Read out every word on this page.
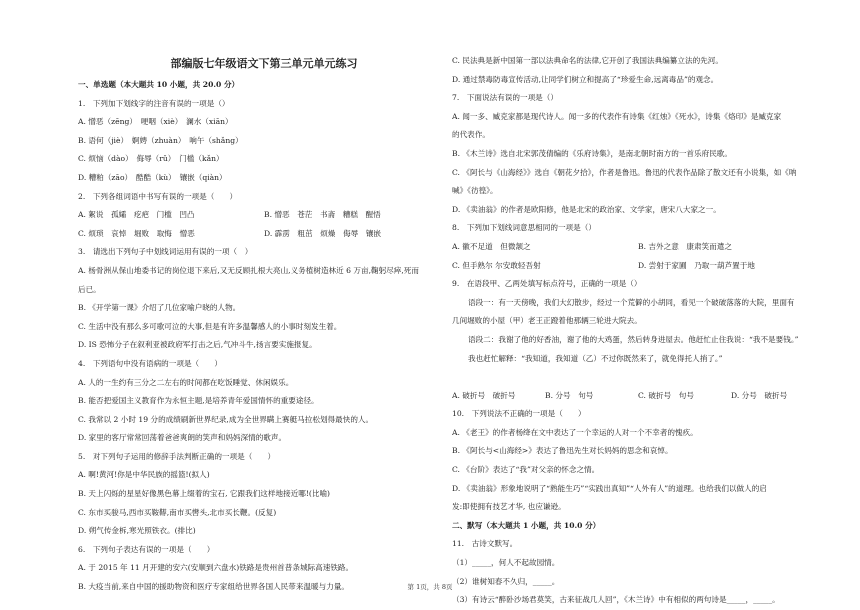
部编版七年级语文下第三单元单元练习
一、单选题（本大题共 10 小题，共 20.0 分）
1.　下列加下划线字的注音有误的一项是（）
A. 憎恶（zēng）　哽咽（xiè）　澜水（xiān）
B. 语何（jiè）　婀娉（zhuàn）　响午（shǎng）
C. 烦恼（dào）　侮辱（rǔ）　门槛（kǎn）
D. 糟粕（zāo）　酷酷（kù）　镶嵌（qiàn）
2.　下列各组词语中书写有误的一项是（　　）
A. 絮说　孤孀　疙疤　门槛　凹凸	B. 憎恶　苍茫　书斋　糟糕　醒悟
C. 烦琐　哀悼　堀败　取悔　憎恶	D. 霹雳　粗茁　烦燥　侮辱　镶嵌
3.　请选出下列句子中划线词运用有误的一项（　）
A. 杨骨洲从保山地委书记的岗位退下来后,又无反顾扎根大亮山,义务植树造林近 6 万亩,鞠躬尽瘁,死而
后已。
B. 《开学第一课》介绍了几位家喻户晓的人物。
C. 生活中没有那么多可歌可泣的大事,但是有许多温馨感人的小事时刻发生着。
D. IS 恐怖分子在叙利亚被政府军打击之后,气冲斗牛,扬言要实施报复。
4.　下列语句中没有语病的一项是（　　）
A. 人的一生约有三分之二左右的时间都在吃饭睡觉、休闲娱乐。
B. 能否把爱国主义教育作为永恒主题,是培养青年爱国情怀的重要途径。
C. 我常以 2 小时 19 分的成绩刷新世界纪录,成为全世界瞒上赛艇马拉松划得最快的人。
D. 家里的客厅常常回荡着爸爸爽朗的笑声和妈妈深情的歌声。
5.　对下列句子运用的修辞手法判断正确的一项是（　　）
A. 啊!黄河!你是中华民族的摇篮!(拟人)
B. 天上闪烁的星星好像黑色幕上缀着的宝石, 它跟我们这样地接近哪!(比喻)
C. 东市买骏马,西市买鞍鞯,南市买辔头,北市买长鞭。(反复)
D. 朔气传金柝,寒光照铁衣。(排比)
6.　下列句子表达有误的一项是（　　）
A. 于 2015 年 11 月开建的安六(安顺到六盘水)铁路是贵州首普条城际高速铁路。
B. 大疫当前,来自中国的援助物资和医疗专家组给世界各国人民带来温暖与力量。
C. 民法典是新中国第一部以法典命名的法律,它开创了我国法典编纂立法的先河。
D. 通过禁毒防毒宣传活动,让同学们树立和提高了“珍爱生命,远离毒品”的观念。
7.　下面说法有误的一项是（）
A. 闻一多、臧克家都是现代诗人。闻一多的代表作有诗集《红烛》《死水》，诗集《烙印》是臧克家
的代表作。
B. 《木兰诗》选自北宋郭茂倩编的《乐府诗集》，是南北朝时南方的一首乐府民歌。
C. 《阿长与《山海经》》选自《朝花夕拾》，作者是鲁迅。鲁迅的代表作品除了散文还有小说集，如《呐
喊》《彷徨》。
D. 《卖油翁》的作者是欧阳修，他是北宋的政治家、文学家，唐宋八大家之一。
8.　下列加下划线词意思相同的一项是（）
A. 徽不足道　但微颔之	B. 吉外之意　康肃笑而遣之
C. 但手熟尔 尔安敢轻吾射	D. 尝射于家圃　乃取一葫芦置于地
9.　在语段甲、乙两处填写标点符号，正确的一项是（）
语段一：有一天傍晚，我们大幻散步，经过一个荒僻的小胡同，看见一个破破落落的大院，里面有
几间堀败的小屋（甲）老王正蹬着他那辆三轮进大院去。
语段二：我谢了他的好香油，谢了他的大鸡蛋，然后转身进屋去。他赶忙止住我说：“我不是要钱。”
我也赶忙解释：“我知道，我知道（乙）不过你既然来了，就免得托人捎了。”
A. 破折号　破折号	B. 分号　句号	C. 破折号　句号	D. 分号　破折号
10.　下列说法不正确的一项是（　　）
A. 《老王》的作者杨绛在文中表达了一个幸运的人对一个不幸者的愧疚。
B. 《阿长与<山海经>》表达了鲁迅先生对长妈妈的思念和哀悼。
C. 《台阶》表达了“我”对父亲的怀念之情。
D. 《卖油翁》形象地说明了“熟能生巧”“实践出真知”“人外有人”的道理。也给我们以做人的启
发:即使拥有技艺才华, 也应谦逊。
二、默写（本大题共 1 小题，共 10.0 分）
11.　古诗文默写。
（1）_____，何人不起故园情。
（2）谁树知春不久归，_____。
（3）有诗云“醉卧沙场君莫笑，古来征战几人回”，《木兰诗》中有相似的两句诗是_____，_____。
第 1页，共 8页
